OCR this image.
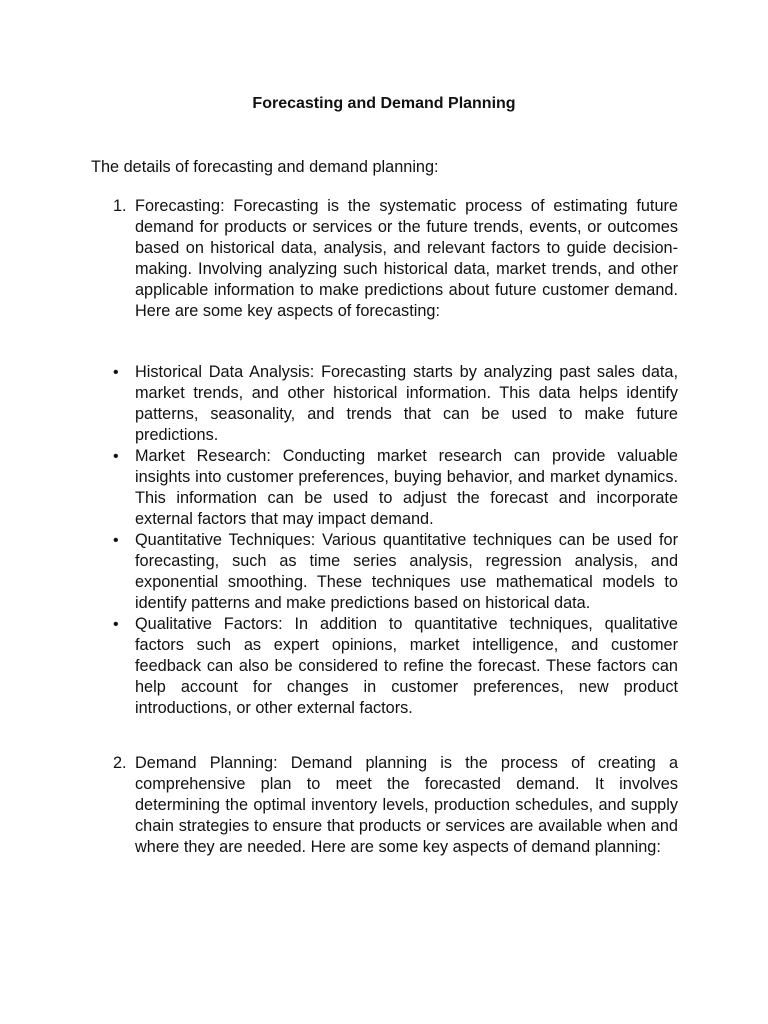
Forecasting and Demand Planning

The details of forecasting and demand planning:

1. Forecasting: Forecasting is the systematic process of estimating future demand for products or services or the future trends, events, or outcomes based on historical data, analysis, and relevant factors to guide decision-making. Involving analyzing such historical data, market trends, and other applicable information to make predictions about future customer demand. Here are some key aspects of forecasting:
• Historical Data Analysis: Forecasting starts by analyzing past sales data, market trends, and other historical information. This data helps identify patterns, seasonality, and trends that can be used to make future predictions.
• Market Research: Conducting market research can provide valuable insights into customer preferences, buying behavior, and market dynamics. This information can be used to adjust the forecast and incorporate external factors that may impact demand.
• Quantitative Techniques: Various quantitative techniques can be used for forecasting, such as time series analysis, regression analysis, and exponential smoothing. These techniques use mathematical models to identify patterns and make predictions based on historical data.
• Qualitative Factors: In addition to quantitative techniques, qualitative factors such as expert opinions, market intelligence, and customer feedback can also be considered to refine the forecast. These factors can help account for changes in customer preferences, new product introductions, or other external factors.
2. Demand Planning: Demand planning is the process of creating a comprehensive plan to meet the forecasted demand. It involves determining the optimal inventory levels, production schedules, and supply chain strategies to ensure that products or services are available when and where they are needed. Here are some key aspects of demand planning:
